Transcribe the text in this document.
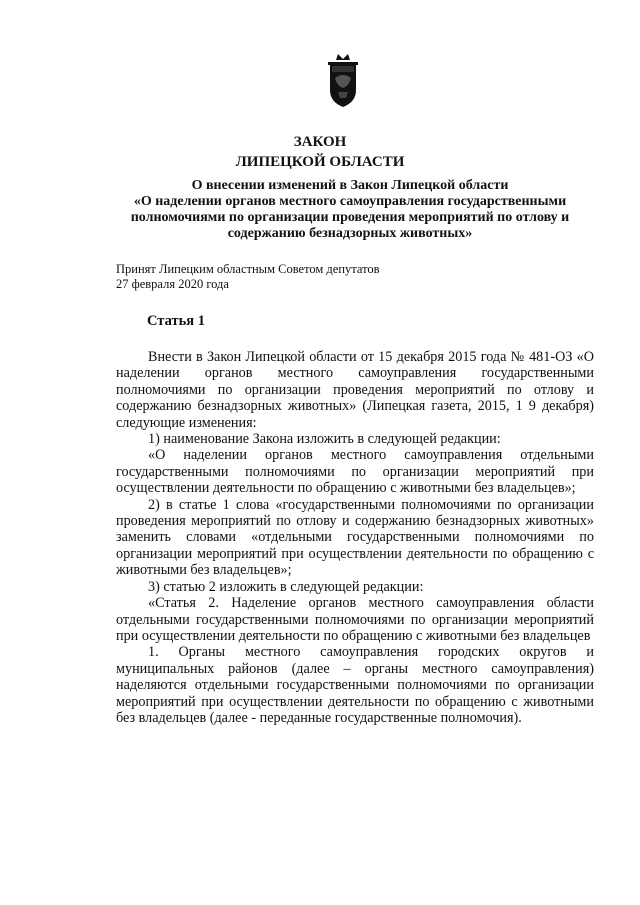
ЗАКОН
ЛИПЕЦКОЙ ОБЛАСТИ
О внесении изменений в Закон Липецкой области
«О наделении органов местного самоуправления государственными
полномочиями по организации проведения мероприятий по отлову и
содержанию безнадзорных животных»
Принят Липецким областным Советом депутатов
27 февраля 2020 года
Статья 1

Внести в Закон Липецкой области от 15 декабря 2015 года № 481-ОЗ «О наделении органов местного самоуправления государственными полномочиями по организации проведения мероприятий по отлову и содержанию безнадзорных животных» (Липецкая газета, 2015, 1 9 декабря) следующие изменения:

1) наименование Закона изложить в следующей редакции:

«О наделении органов местного самоуправления отдельными государственными полномочиями по организации мероприятий при осуществлении деятельности по обращению с животными без владельцев»;

2) в статье 1 слова «государственными полномочиями по организации проведения мероприятий по отлову и содержанию безнадзорных животных» заменить словами «отдельными государственными полномочиями по организации мероприятий при осуществлении деятельности по обращению с животными без владельцев»;

3) статью 2 изложить в следующей редакции:

«Статья 2. Наделение органов местного самоуправления области отдельными государственными полномочиями по организации мероприятий при осуществлении деятельности по обращению с животными без владельцев

1. Органы местного самоуправления городских округов и муниципальных районов (далее – органы местного самоуправления) наделяются отдельными государственными полномочиями по организации мероприятий при осуществлении деятельности по обращению с животными без владельцев (далее - переданные государственные полномочия).
